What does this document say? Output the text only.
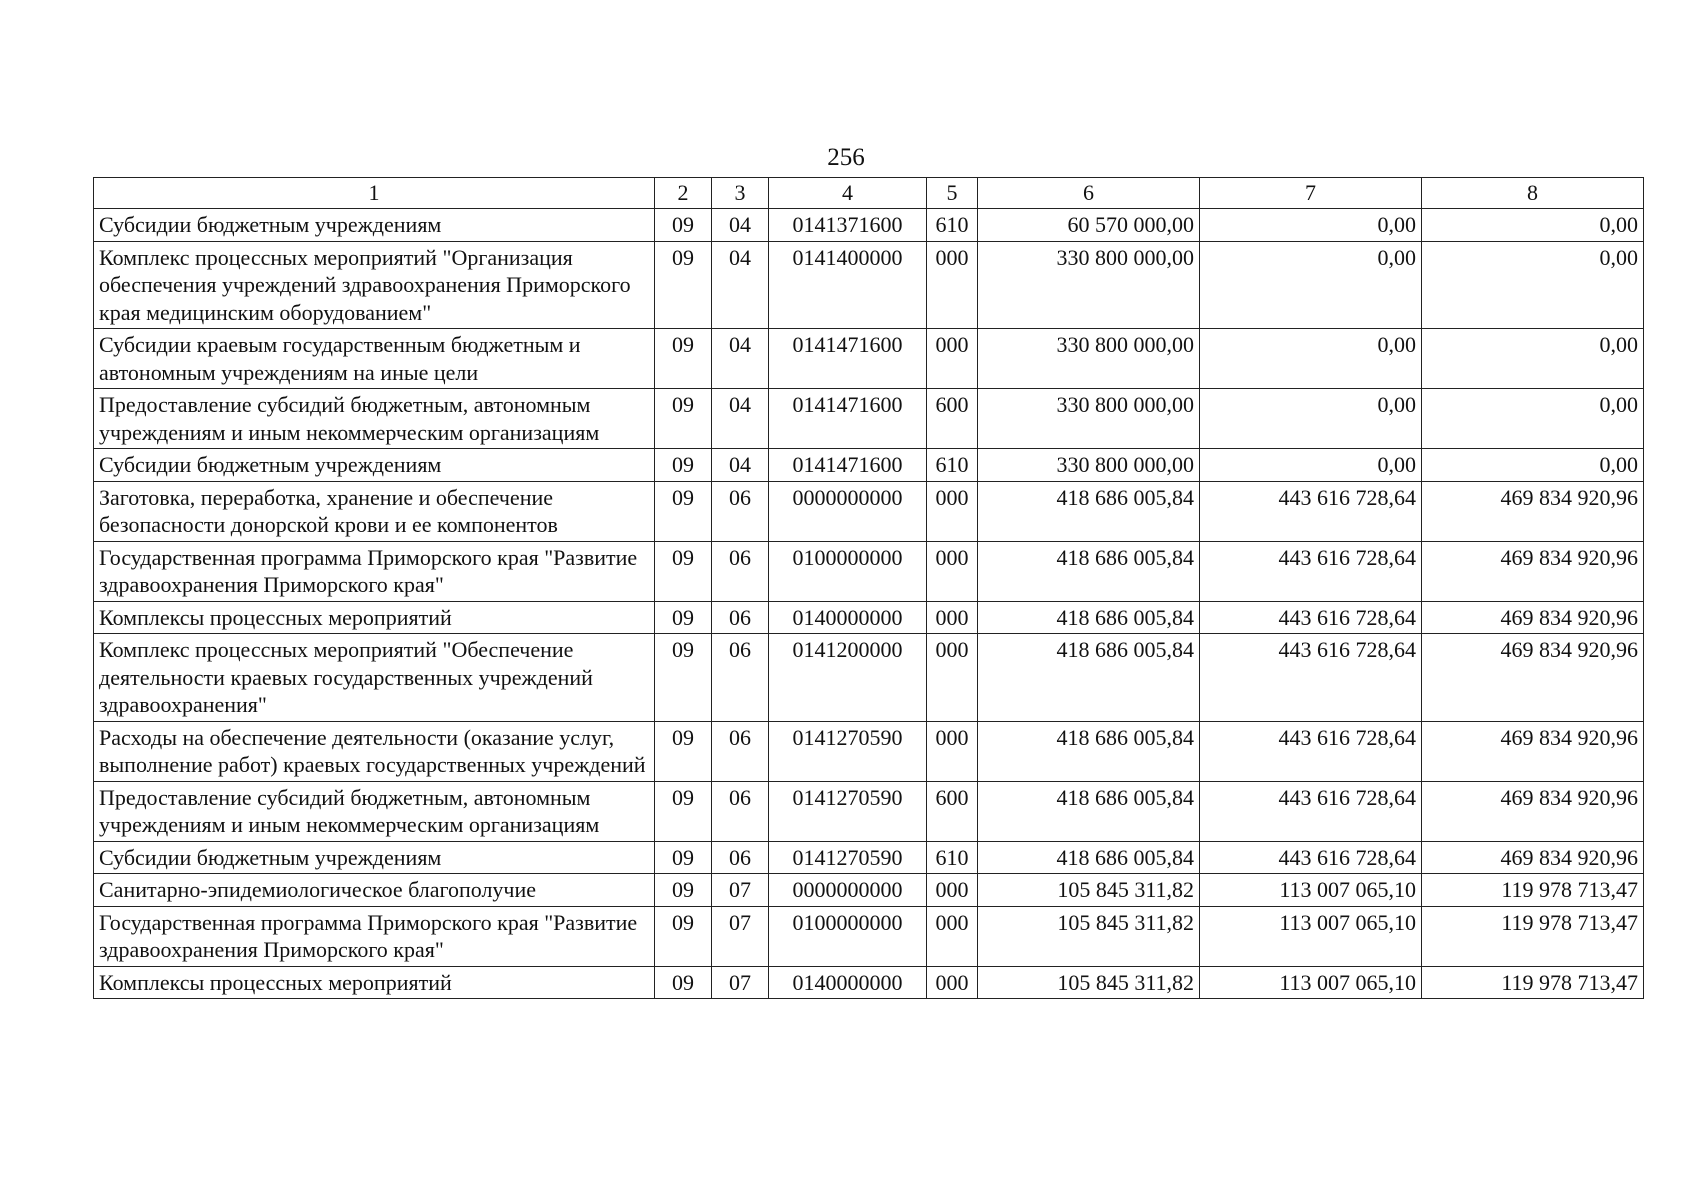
256
1	2	3	4	5	6	7	8
Субсидии бюджетным учреждениям	09	04	0141371600	610	60 570 000,00	0,00	0,00
Комплекс процессных мероприятий "Организация обеспечения учреждений здравоохранения Приморского края медицинским оборудованием"	09	04	0141400000	000	330 800 000,00	0,00	0,00
Субсидии краевым государственным бюджетным и автономным учреждениям на иные цели	09	04	0141471600	000	330 800 000,00	0,00	0,00
Предоставление субсидий бюджетным, автономным учреждениям и иным некоммерческим организациям	09	04	0141471600	600	330 800 000,00	0,00	0,00
Субсидии бюджетным учреждениям	09	04	0141471600	610	330 800 000,00	0,00	0,00
Заготовка, переработка, хранение и обеспечение безопасности донорской крови и ее компонентов	09	06	0000000000	000	418 686 005,84	443 616 728,64	469 834 920,96
Государственная программа Приморского края "Развитие здравоохранения Приморского края"	09	06	0100000000	000	418 686 005,84	443 616 728,64	469 834 920,96
Комплексы процессных мероприятий	09	06	0140000000	000	418 686 005,84	443 616 728,64	469 834 920,96
Комплекс процессных мероприятий "Обеспечение деятельности краевых государственных учреждений здравоохранения"	09	06	0141200000	000	418 686 005,84	443 616 728,64	469 834 920,96
Расходы на обеспечение деятельности (оказание услуг, выполнение работ) краевых государственных учреждений	09	06	0141270590	000	418 686 005,84	443 616 728,64	469 834 920,96
Предоставление субсидий бюджетным, автономным учреждениям и иным некоммерческим организациям	09	06	0141270590	600	418 686 005,84	443 616 728,64	469 834 920,96
Субсидии бюджетным учреждениям	09	06	0141270590	610	418 686 005,84	443 616 728,64	469 834 920,96
Санитарно-эпидемиологическое благополучие	09	07	0000000000	000	105 845 311,82	113 007 065,10	119 978 713,47
Государственная программа Приморского края "Развитие здравоохранения Приморского края"	09	07	0100000000	000	105 845 311,82	113 007 065,10	119 978 713,47
Комплексы процессных мероприятий	09	07	0140000000	000	105 845 311,82	113 007 065,10	119 978 713,47
